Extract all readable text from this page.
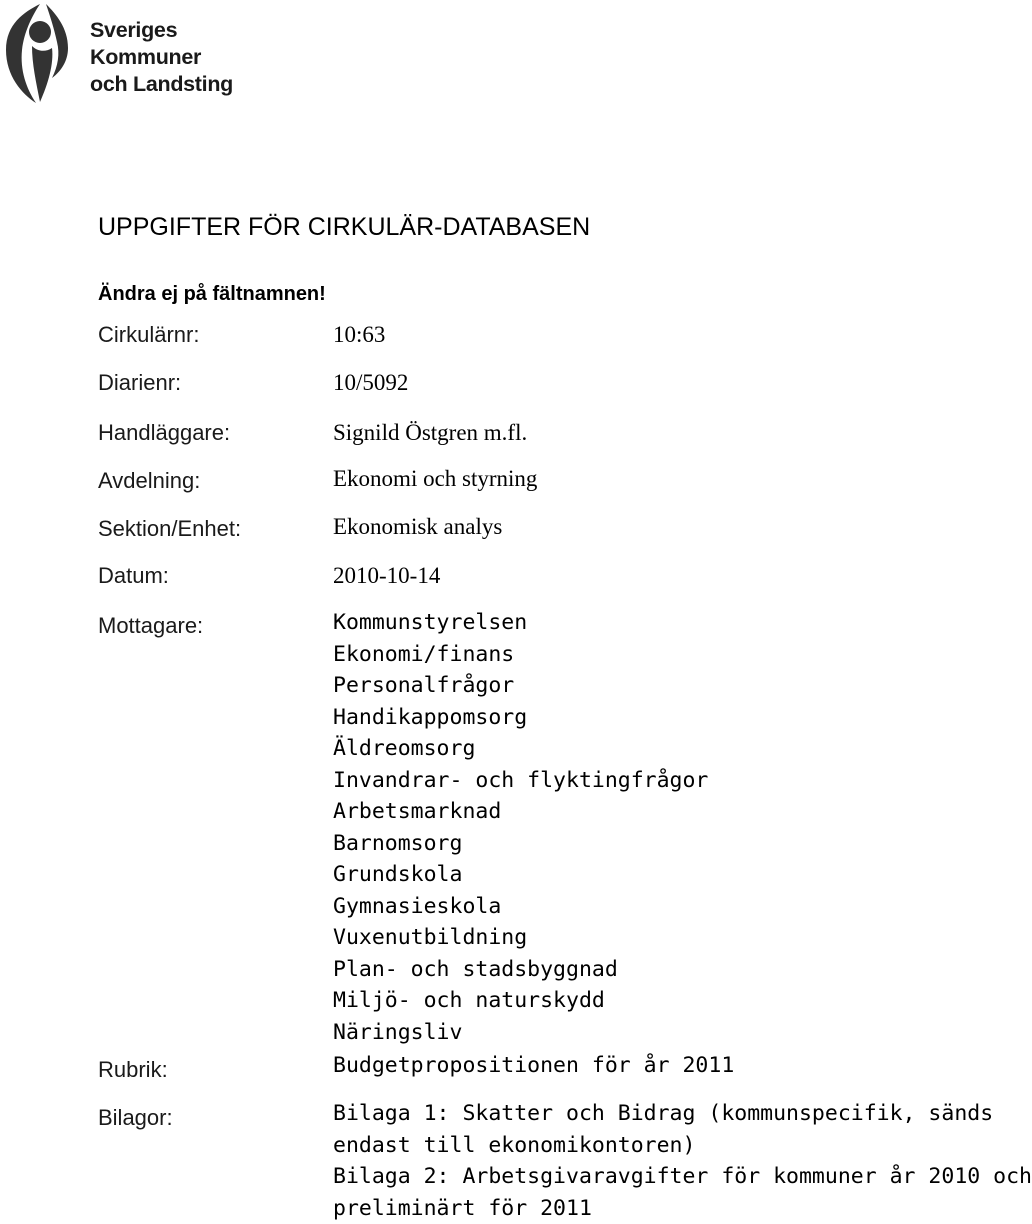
Sveriges
Kommuner
och Landsting
UPPGIFTER FÖR CIRKULÄR-DATABASEN
Ändra ej på fältnamnen!
Cirkulärnr:	10:63
Diarienr:	10/5092
Handläggare:	Signild Östgren m.fl.
Avdelning:	Ekonomi och styrning
Sektion/Enhet:	Ekonomisk analys
Datum:	2010-10-14
Mottagare:	Kommunstyrelsen
Ekonomi/finans
Personalfrågor
Handikappomsorg
Äldreomsorg
Invandrar- och flyktingfrågor
Arbetsmarknad
Barnomsorg
Grundskola
Gymnasieskola
Vuxenutbildning
Plan- och stadsbyggnad
Miljö- och naturskydd
Näringsliv
Rubrik:	Budgetpropositionen för år 2011
Bilagor:	Bilaga 1: Skatter och Bidrag (kommunspecifik, sänds
endast till ekonomikontoren)
Bilaga 2: Arbetsgivaravgifter för kommuner år 2010 och
preliminärt för 2011
